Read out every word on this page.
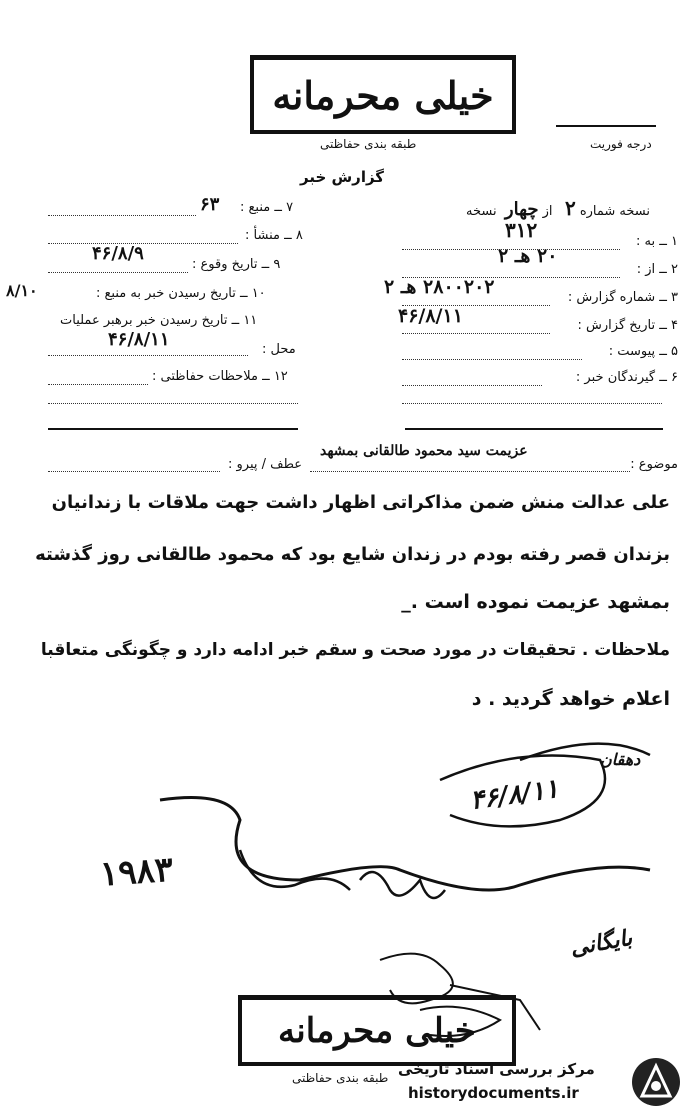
خیلی محرمانه
طبقه بندی حفاظتی	درجه فوریت
گزارش خبر
نسخه شماره ۲   از چهار  نسخه
۱ ــ به :
۳۱۲
۲ ــ از :
۲۰ هـ ۲
۳ ــ شماره گزارش :
۲۸۰۰۲۰۲ هـ ۲
۴ ــ تاریخ گزارش :
۴۶/۸/۱۱
۵ ــ پیوست :
۶ ــ گیرندگان خبر :
۷ ــ منبع :
۶۳
۸ ــ منشأ :
۹ ــ تاریخ وقوع :
۴۶/۸/۹
۱۰ ــ تاریخ رسیدن خبر به منبع :
۸/۱۰
۱۱ ــ تاریخ رسیدن خبر برهبر عملیات
محل :
۴۶/۸/۱۱
۱۲ ــ ملاحظات حفاظتی :
موضوع :
عزیمت سید محمود طالقانی بمشهد
عطف / پیرو :
علی عدالت منش ضمن مذاکراتی اظهار داشت جهت ملاقات با زندانیان
بزندان قصر رفته بودم در زندان شایع بود که محمود طالقانی روز گذشته
بمشهد عزیمت نموده است ._
ملاحظات . تحقیقات در مورد صحت و سقم خبر ادامه دارد و چگونگی متعاقبا
اعلام خواهد گردید . د
دهقان
۴۶/۸/۱۱
۱۹۸۳
بایگانی
خیلی محرمانه
طبقه بندی حفاظتی مرکز بررسی اسناد تاریخی
historydocuments.ir
